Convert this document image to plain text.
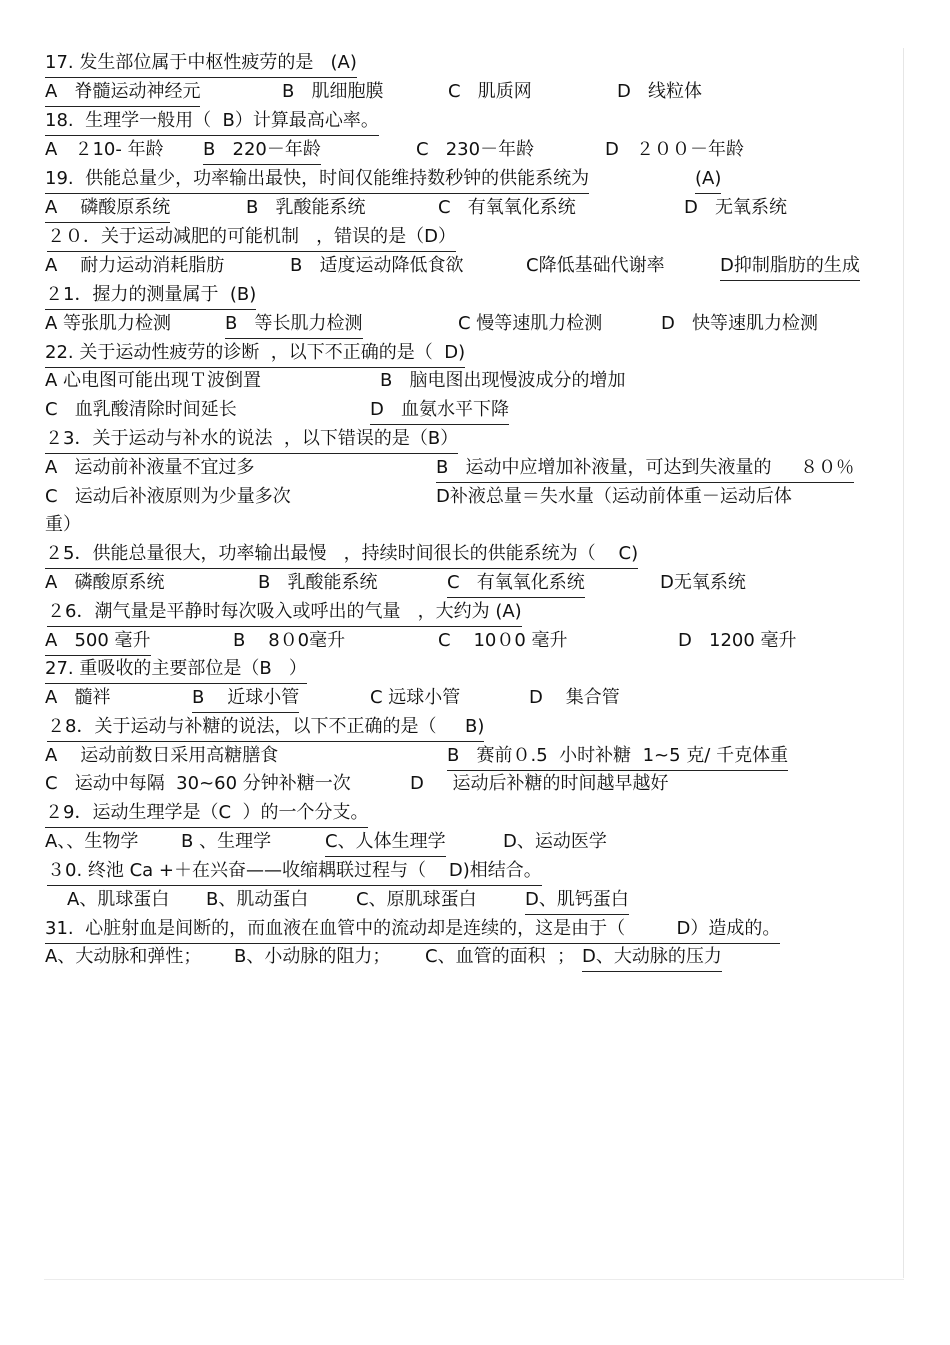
17. 发生部位属于中枢性疲劳的是   (A)
A   脊髓运动神经元	B   肌细胞膜	C   肌质网	D   线粒体
18.  生理学一般用（  B）计算最高心率。
A   ２10- 年龄 B   220－年龄	C   230－年龄	D   ２００－年龄
19.  供能总量少，功率输出最快，时间仅能维持数秒钟的供能系统为	(A)
A    磷酸原系统	B   乳酸能系统	C   有氧氧化系统	D   无氧系统
２０．关于运动减肥的可能机制   ，错误的是（D）
A    耐力运动消耗脂肪	B   适度运动降低食欲	C降低基础代谢率	D抑制脂肪的生成
２1．握力的测量属于  (B)
A 等张肌力检测	B   等长肌力检测	C 慢等速肌力检测	D   快等速肌力检测
22. 关于运动性疲劳的诊断  ，以下不正确的是（  D)
A 心电图可能出现Ｔ波倒置	B   脑电图出现慢波成分的增加
C   血乳酸清除时间延长	D   血氨水平下降
２3．关于运动与补水的说法  ，以下错误的是（B）
A   运动前补液量不宜过多	B   运动中应增加补液量，可达到失液量的     ８０％
C   运动后补液原则为少量多次	D补液总量＝失水量（运动前体重－运动后体
重）
２5．供能总量很大，功率输出最慢   ，持续时间很长的供能系统为（    C)
A   磷酸原系统	B   乳酸能系统	C   有氧氧化系统	D无氧系统
２6．潮气量是平静时每次吸入或呼出的气量   ，大约为 (A)
A   500 毫升	B    8０0毫升	C    10０0 毫升	D   1200 毫升
27. 重吸收的主要部位是（B   ）
A   髓袢	B    近球小管	C 远球小管	D    集合管
２8．关于运动与补糖的说法，以下不正确的是（     B)
A    运动前数日采用高糖膳食	B   赛前０.5  小时补糖  1~5 克/ 千克体重
C   运动中每隔  30~60 分钟补糖一次	D     运动后补糖的时间越早越好
２9．运动生理学是（C  ）的一个分支。
A、、生物学 B 、生理学	C、人体生理学	D、运动医学
３0. 终池 Ca +＋在兴奋——收缩耦联过程与（    D)相结合。
A、肌球蛋白 B、肌动蛋白	C、原肌球蛋白	D、肌钙蛋白
31.  心脏射血是间断的，而血液在血管中的流动却是连续的，这是由于（         D）造成的。
A、大动脉和弹性； B、小动脉的阻力； C、血管的面积  ； D、大动脉的压力
